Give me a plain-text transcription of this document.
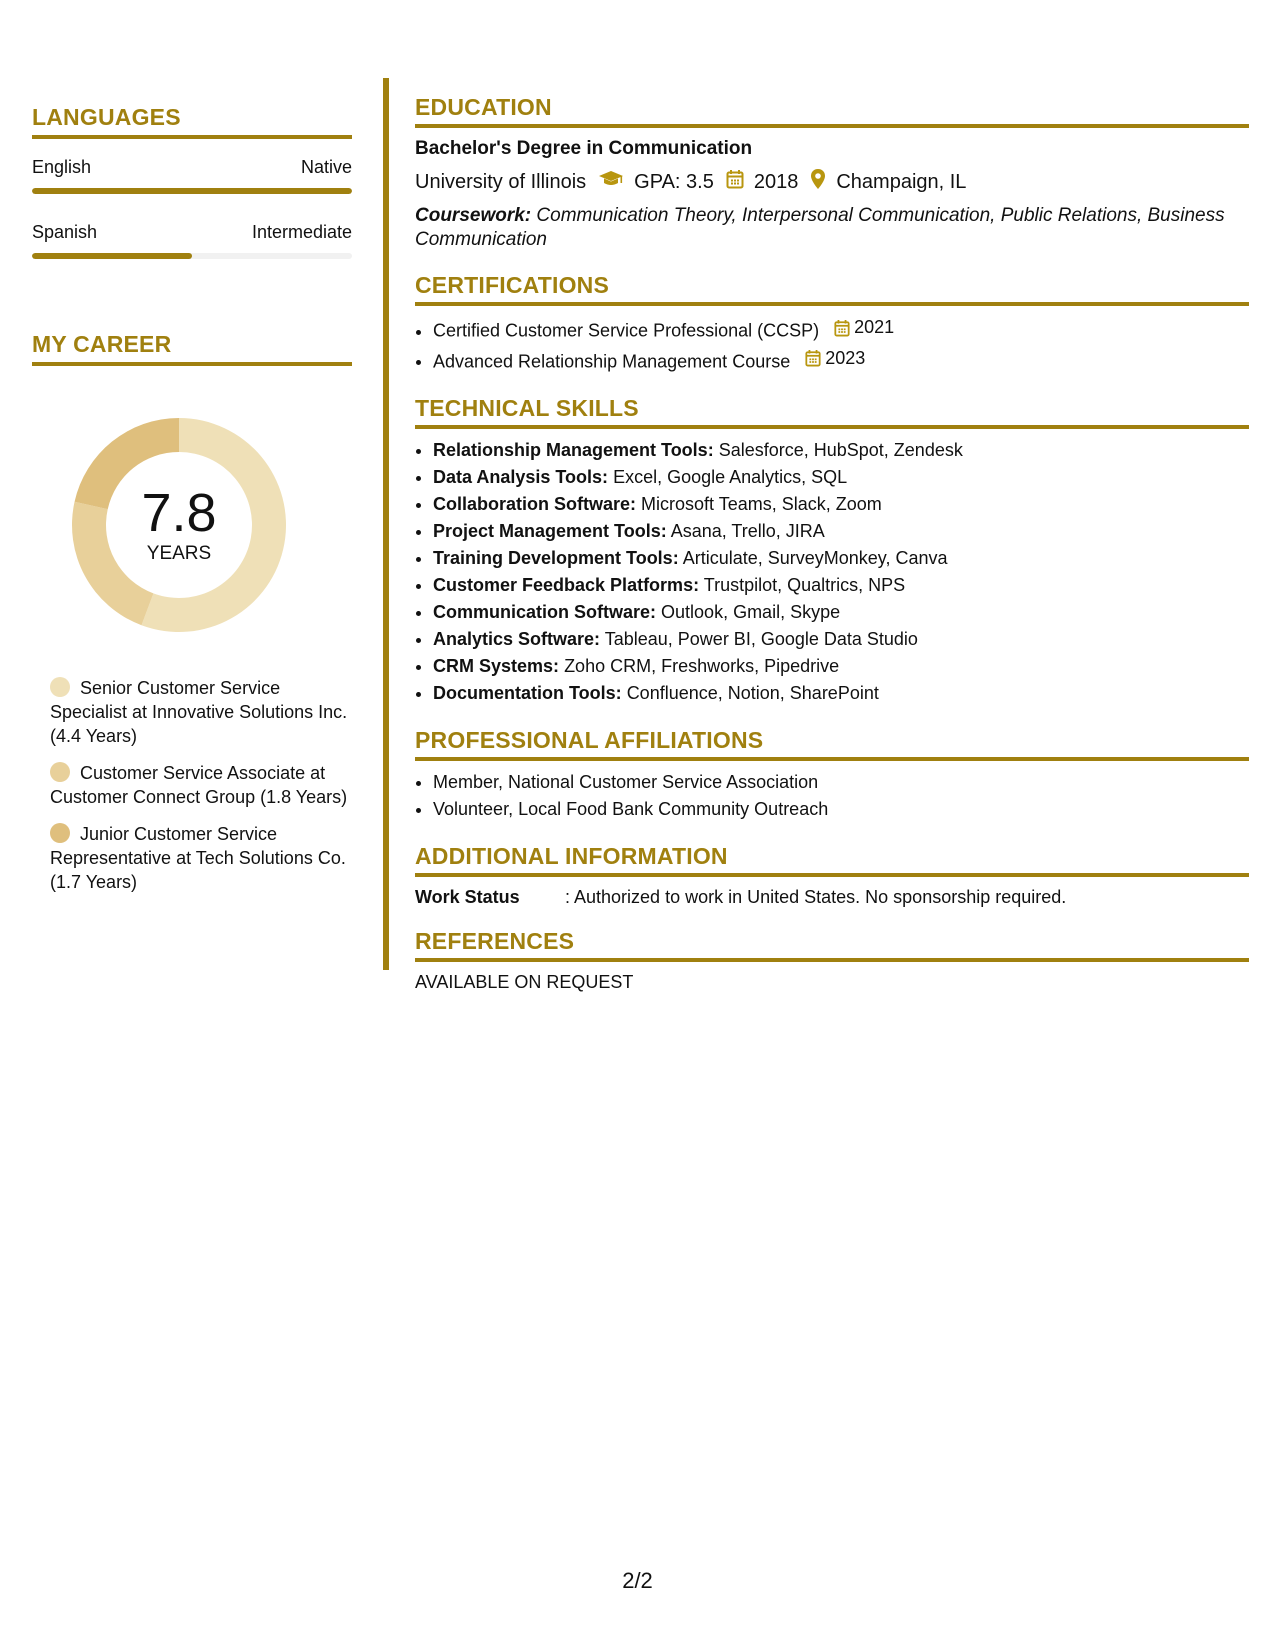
LANGUAGES
English	Native
Spanish	Intermediate
MY CAREER
7.8
YEARS
Senior Customer Service Specialist at Innovative Solutions Inc. (4.4 Years)
Customer Service Associate at Customer Connect Group (1.8 Years)
Junior Customer Service Representative at Tech Solutions Co. (1.7 Years)
EDUCATION
Bachelor's Degree in Communication
University of Illinois GPA: 3.5 2018 Champaign, IL
Coursework: Communication Theory, Interpersonal Communication, Public Relations, Business Communication
CERTIFICATIONS
• Certified Customer Service Professional (CCSP) 2021
• Advanced Relationship Management Course 2023
TECHNICAL SKILLS
• Relationship Management Tools: Salesforce, HubSpot, Zendesk
• Data Analysis Tools: Excel, Google Analytics, SQL
• Collaboration Software: Microsoft Teams, Slack, Zoom
• Project Management Tools: Asana, Trello, JIRA
• Training Development Tools: Articulate, SurveyMonkey, Canva
• Customer Feedback Platforms: Trustpilot, Qualtrics, NPS
• Communication Software: Outlook, Gmail, Skype
• Analytics Software: Tableau, Power BI, Google Data Studio
• CRM Systems: Zoho CRM, Freshworks, Pipedrive
• Documentation Tools: Confluence, Notion, SharePoint
PROFESSIONAL AFFILIATIONS
• Member, National Customer Service Association
• Volunteer, Local Food Bank Community Outreach
ADDITIONAL INFORMATION
Work Status	: Authorized to work in United States. No sponsorship required.
REFERENCES
AVAILABLE ON REQUEST
2/2
